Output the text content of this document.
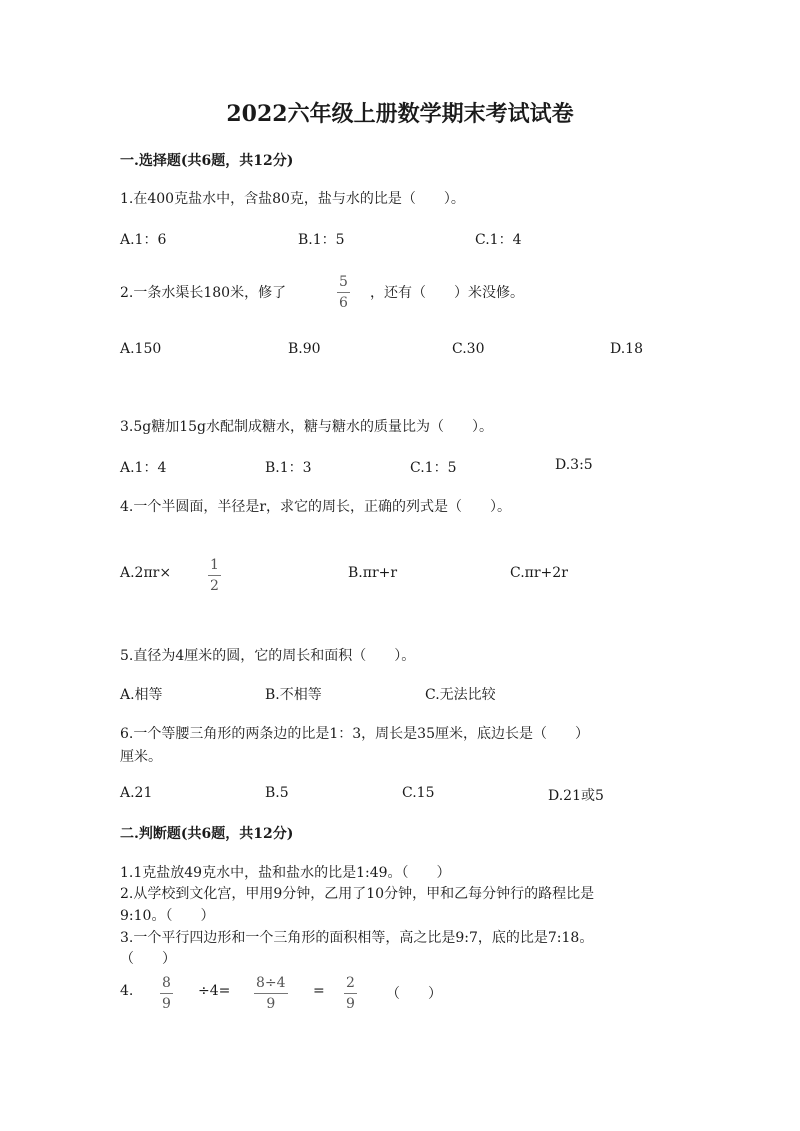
2022六年级上册数学期末考试试卷
一.选择题(共6题，共12分)
1.在400克盐水中，含盐80克，盐与水的比是（　　）。
A.1：6	B.1：5	C.1：4
2.一条水渠长180米，修了
5
6
，还有（　　）米没修。
A.150	B.90	C.30	D.18
3.5g糖加15g水配制成糖水，糖与糖水的质量比为（　　）。
A.1：4	B.1：3	C.1：5	D.3:5
4.一个半圆面，半径是r，求它的周长，正确的列式是（　　）。
A.2πr×	1
2
B.πr+r	C.πr+2r
5.直径为4厘米的圆，它的周长和面积（　　）。
A.相等	B.不相等	C.无法比较
6.一个等腰三角形的两条边的比是1：3，周长是35厘米，底边长是（　　）
厘米。
A.21	B.5	C.15	D.21或5
二.判断题(共6题，共12分)
1.1克盐放49克水中，盐和盐水的比是1:49。（　　）
2.从学校到文化宫，甲用9分钟，乙用了10分钟，甲和乙每分钟行的路程比是
9:10。（　　）
3.一个平行四边形和一个三角形的面积相等，高之比是9:7，底的比是7:18。
（　　）
4. 8
9
÷4= 8÷4
9
= 2
9
（　　）
